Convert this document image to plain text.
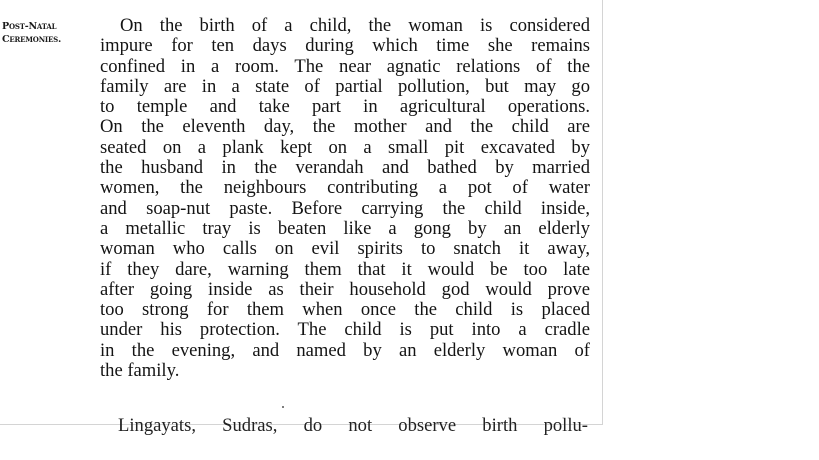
Post-Natal
Ceremonies.
On the birth of a child, the woman is considered
impure for ten days during which time she remains
confined in a room. The near agnatic relations of the
family are in a state of partial pollution, but may go
to temple and take part in agricultural operations.
On the eleventh day, the mother and the child are
seated on a plank kept on a small pit excavated by
the husband in the verandah and bathed by married
women, the neighbours contributing a pot of water
and soap-nut paste. Before carrying the child inside,
a metallic tray is beaten like a gong by an elderly
woman who calls on evil spirits to snatch it away,
if they dare, warning them that it would be too late
after going inside as their household god would prove
too strong for them when once the child is placed
under his protection. The child is put into a cradle
in the evening, and named by an elderly woman of
the family.
Lingayats, Sudras, do not observe birth pollu-
